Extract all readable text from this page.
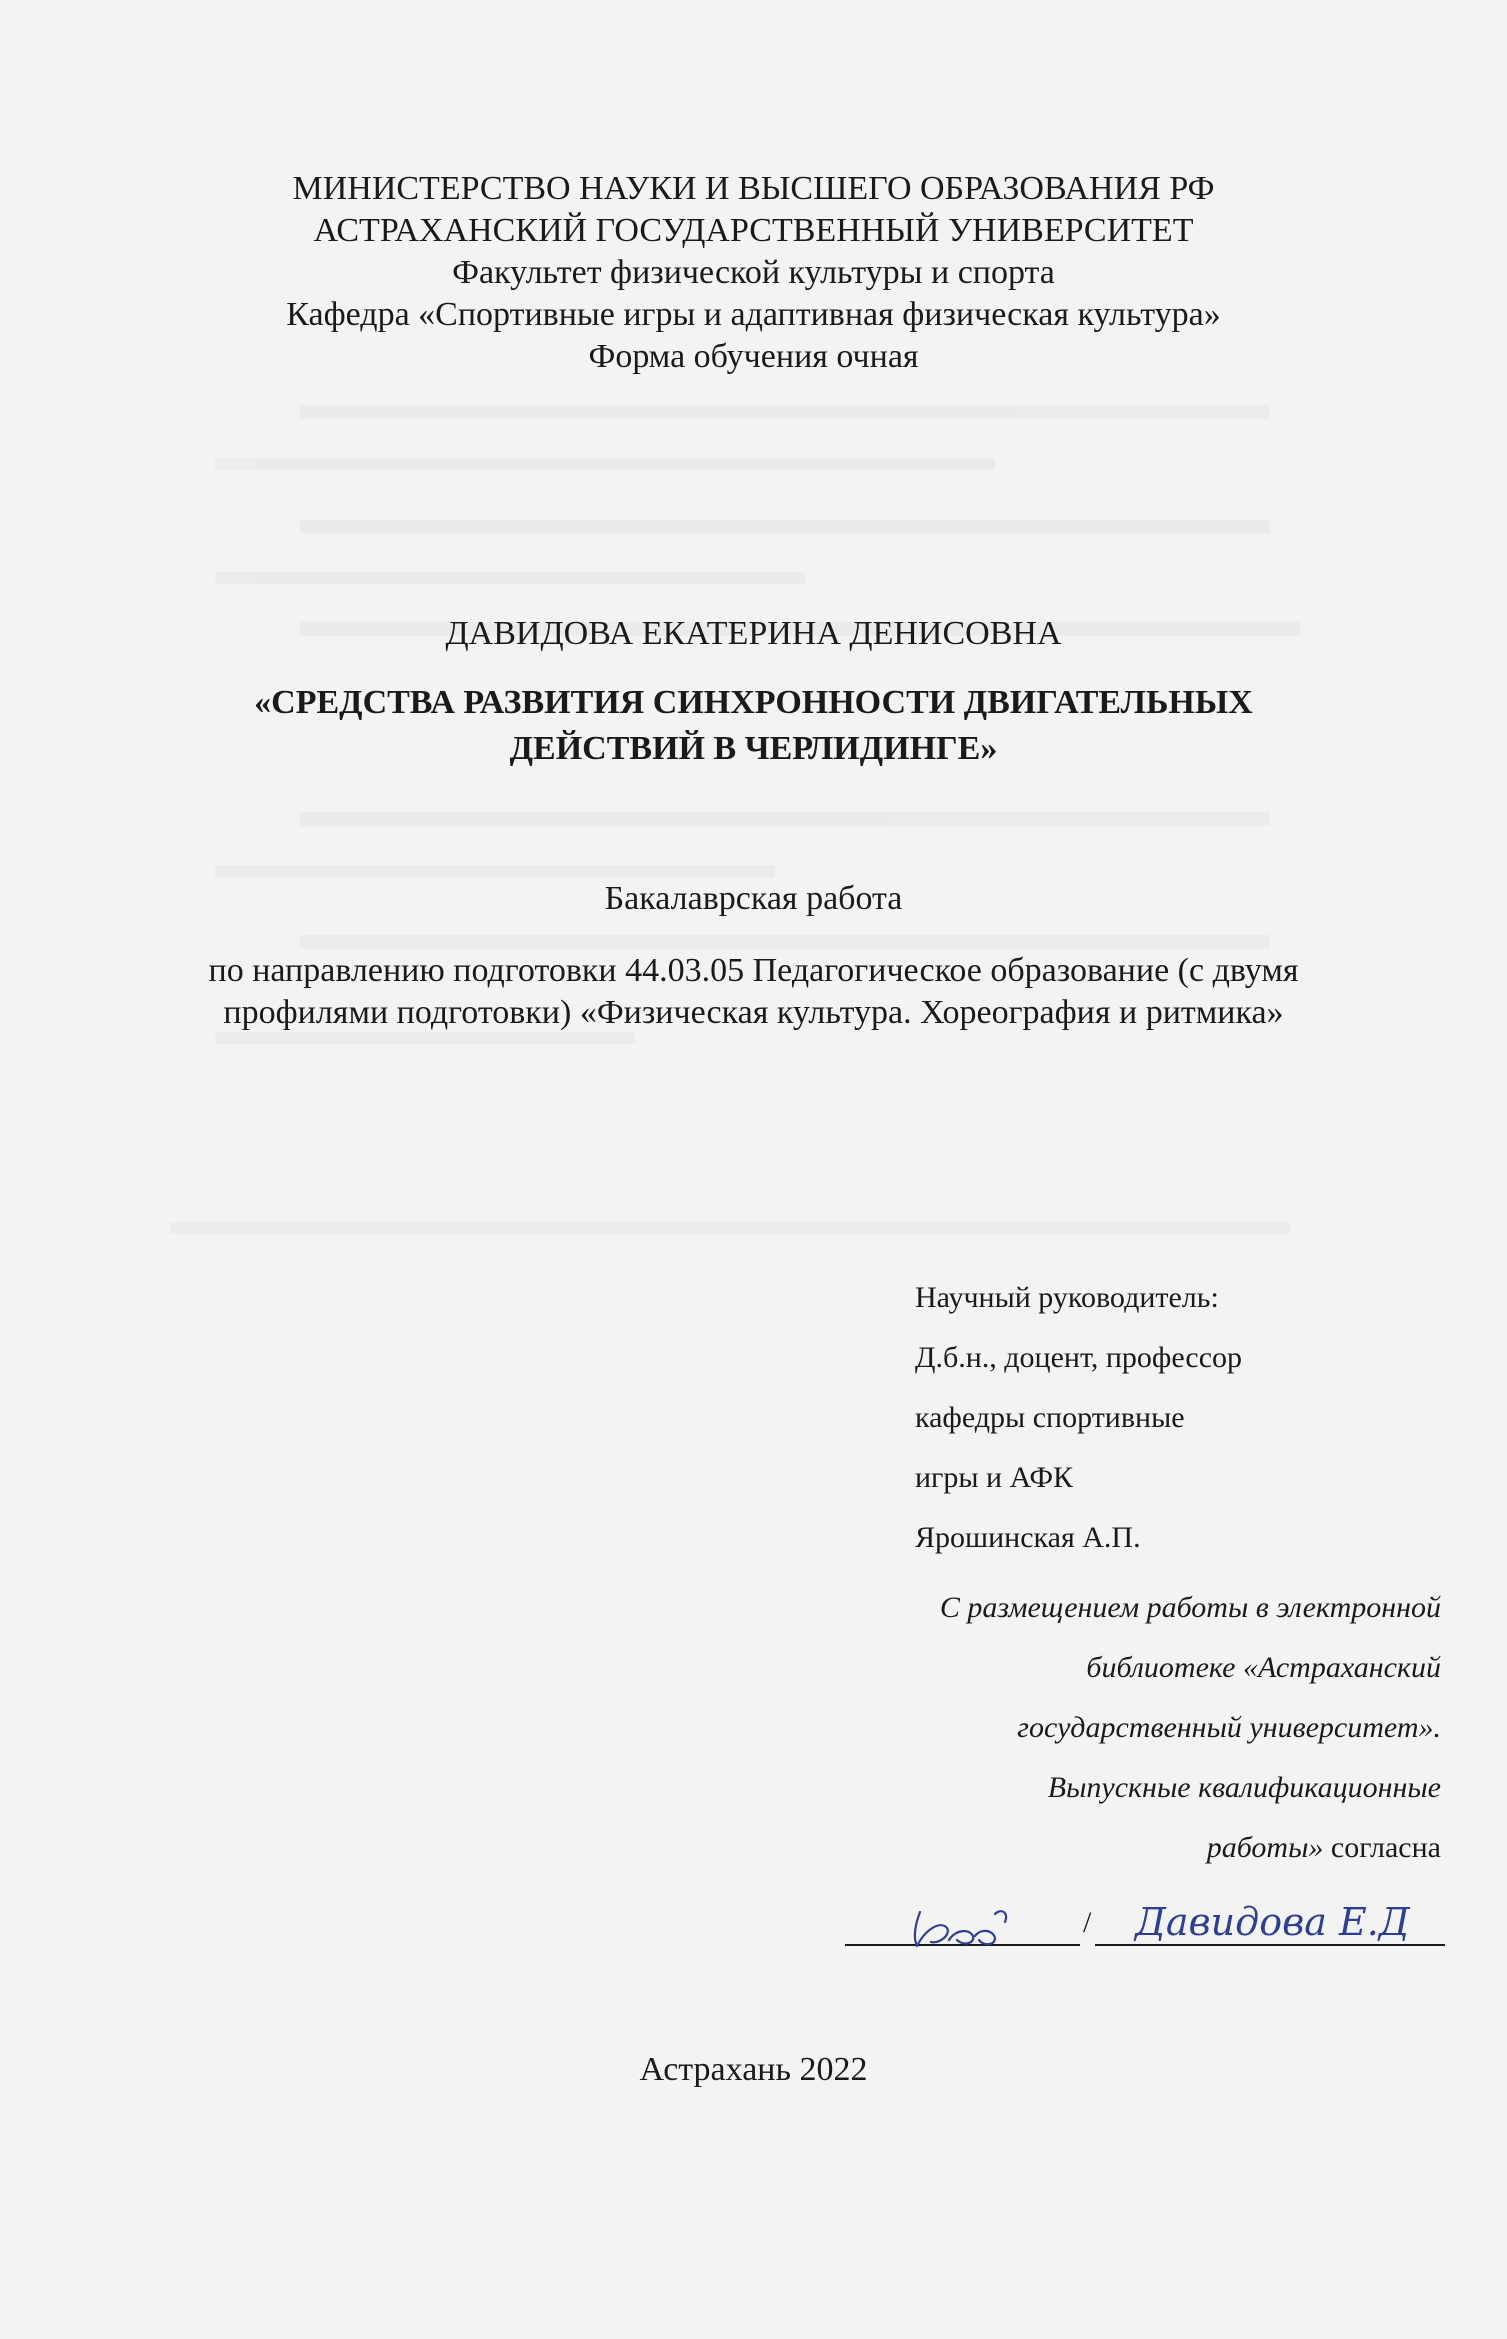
МИНИСТЕРСТВО НАУКИ И ВЫСШЕГО ОБРАЗОВАНИЯ РФ
АСТРАХАНСКИЙ ГОСУДАРСТВЕННЫЙ УНИВЕРСИТЕТ
Факультет физической культуры и спорта
Кафедра «Спортивные игры и адаптивная физическая культура»
Форма обучения очная
ДАВИДОВА ЕКАТЕРИНА ДЕНИСОВНА
«СРЕДСТВА РАЗВИТИЯ СИНХРОННОСТИ ДВИГАТЕЛЬНЫХ
ДЕЙСТВИЙ В ЧЕРЛИДИНГЕ»
Бакалаврская работа
по направлению подготовки 44.03.05 Педагогическое образование (с двумя
профилями подготовки) «Физическая культура. Хореография и ритмика»
Научный руководитель:
Д.б.н., доцент, профессор
кафедры спортивные
игры и АФК
Ярошинская А.П.
С размещением работы в электронной
библиотеке «Астраханский
государственный университет».
Выпускные квалификационные
работы» согласна
/ Давидова Е.Д
Астрахань 2022
